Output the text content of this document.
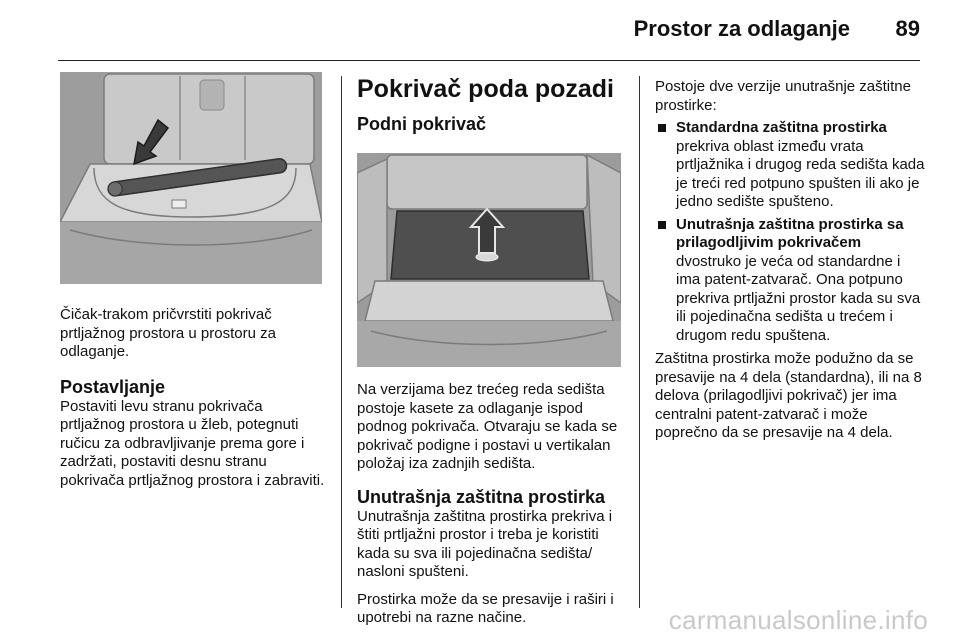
Prostor za odlaganje 89

Čičak-trakom pričvrstiti pokrivač prtljažnog prostora u prostoru za odlaganje.

Postavljanje

Postaviti levu stranu pokrivača prtljažnog prostora u žleb, potegnuti ručicu za odbravljivanje prema gore i zadržati, postaviti desnu stranu pokrivača prtljažnog prostora i zabraviti.

Pokrivač poda pozadi

Podni pokrivač

Na verzijama bez trećeg reda sedišta postoje kasete za odlaganje ispod podnog pokrivača. Otvaraju se kada se pokrivač podigne i postavi u vertikalan položaj iza zadnjih sedišta.

Unutrašnja zaštitna prostirka

Unutrašnja zaštitna prostirka prekriva i štiti prtljažni prostor i treba je koristiti kada su sva ili pojedinačna sedišta/ nasloni spušteni.

Prostirka može da se presavije i raširi i upotrebi na razne načine.

Postoje dve verzije unutrašnje zaštitne prostirke:

Standardna zaštitna prostirka
prekriva oblast između vrata prtljažnika i drugog reda sedišta kada je treći red potpuno spušten ili ako je jedno sedište spušteno.
Unutrašnja zaštitna prostirka sa prilagodljivim pokrivačem
dvostruko je veća od standardne i ima patent-zatvarač. Ona potpuno prekriva prtljažni prostor kada su sva ili pojedinačna sedišta u trećem i drugom redu spuštena.

Zaštitna prostirka može podužno da se presavije na 4 dela (standardna), ili na 8 delova (prilagodljivi pokrivač) jer ima centralni patent-zatvarač i može poprečno da se presavije na 4 dela.

carmanualsonline.info
